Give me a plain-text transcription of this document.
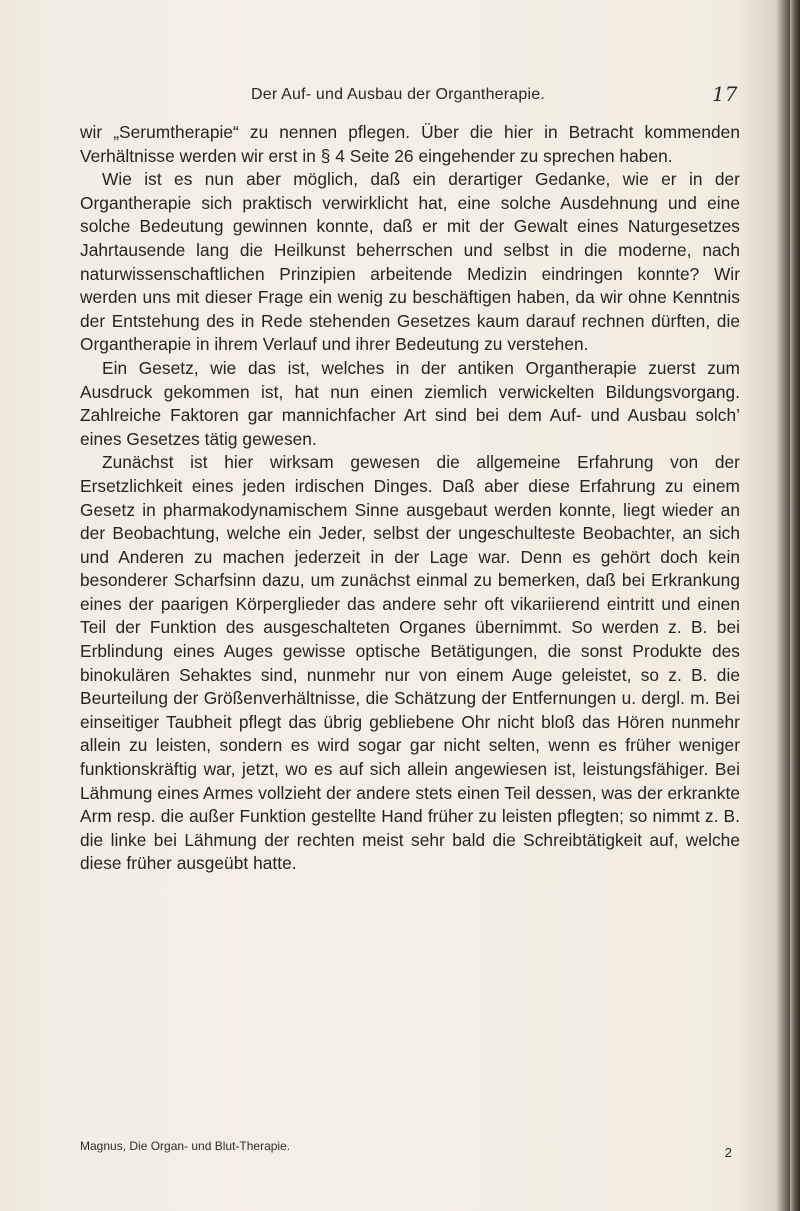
Der Auf- und Ausbau der Organtherapie.	17

wir „Serumtherapie“ zu nennen pflegen. Über die hier in Betracht kommenden Verhältnisse werden wir erst in § 4 Seite 26 eingehender zu sprechen haben.

Wie ist es nun aber möglich, daß ein derartiger Gedanke, wie er in der Organtherapie sich praktisch verwirklicht hat, eine solche Ausdehnung und eine solche Bedeutung gewinnen konnte, daß er mit der Gewalt eines Naturgesetzes Jahrtausende lang die Heilkunst beherrschen und selbst in die moderne, nach naturwissenschaftlichen Prinzipien arbeitende Medizin eindringen konnte? Wir werden uns mit dieser Frage ein wenig zu beschäftigen haben, da wir ohne Kenntnis der Entstehung des in Rede stehenden Gesetzes kaum darauf rechnen dürften, die Organtherapie in ihrem Verlauf und ihrer Bedeutung zu verstehen.

Ein Gesetz, wie das ist, welches in der antiken Organtherapie zuerst zum Ausdruck gekommen ist, hat nun einen ziemlich verwickelten Bildungsvorgang. Zahlreiche Faktoren gar mannichfacher Art sind bei dem Auf- und Ausbau solch’ eines Gesetzes tätig gewesen.

Zunächst ist hier wirksam gewesen die allgemeine Erfahrung von der Ersetzlichkeit eines jeden irdischen Dinges. Daß aber diese Erfahrung zu einem Gesetz in pharmakodynamischem Sinne ausgebaut werden konnte, liegt wieder an der Beobachtung, welche ein Jeder, selbst der ungeschulteste Beobachter, an sich und Anderen zu machen jederzeit in der Lage war. Denn es gehört doch kein besonderer Scharfsinn dazu, um zunächst einmal zu bemerken, daß bei Erkrankung eines der paarigen Körperglieder das andere sehr oft vikariierend eintritt und einen Teil der Funktion des ausgeschalteten Organes übernimmt. So werden z. B. bei Erblindung eines Auges gewisse optische Betätigungen, die sonst Produkte des binokulären Sehaktes sind, nunmehr nur von einem Auge geleistet, so z. B. die Beurteilung der Größenverhältnisse, die Schätzung der Entfernungen u. dergl. m. Bei einseitiger Taubheit pflegt das übrig gebliebene Ohr nicht bloß das Hören nunmehr allein zu leisten, sondern es wird sogar gar nicht selten, wenn es früher weniger funktionskräftig war, jetzt, wo es auf sich allein angewiesen ist, leistungsfähiger. Bei Lähmung eines Armes vollzieht der andere stets einen Teil dessen, was der erkrankte Arm resp. die außer Funktion gestellte Hand früher zu leisten pflegten; so nimmt z. B. die linke bei Lähmung der rechten meist sehr bald die Schreibtätigkeit auf, welche diese früher ausgeübt hatte.

Magnus, Die Organ- und Blut-Therapie.	2
